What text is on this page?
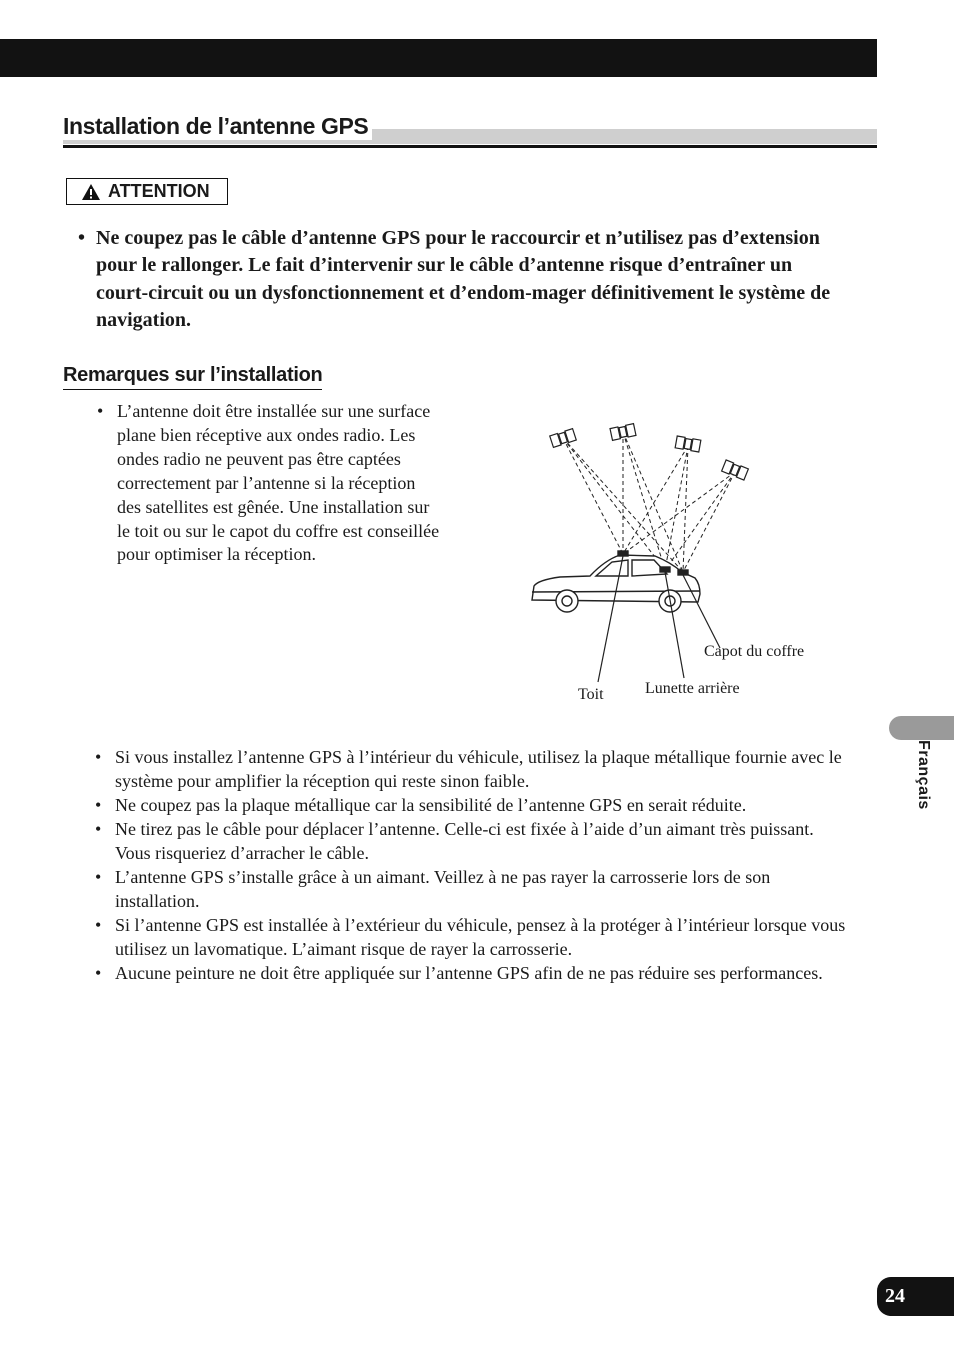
Installation de l’antenne GPS
ATTENTION
• Ne coupez pas le câble d’antenne GPS pour le raccourcir et n’utilisez pas d’extension pour le rallonger. Le fait d’intervenir sur le câble d’antenne risque d’entraîner un court-circuit ou un dysfonctionnement et d’endom-mager définitivement le système de navigation.
Remarques sur l’installation
• L’antenne doit être installée sur une surface plane bien réceptive aux ondes radio. Les ondes radio ne peuvent pas être captées correctement par l’antenne si la réception des satellites est gênée. Une installation sur le toit ou sur le capot du coffre est conseillée pour optimiser la réception.
Capot du coffre
Lunette arrière
Toit
• Si vous installez l’antenne GPS à l’intérieur du véhicule, utilisez la plaque métallique fournie avec le système pour amplifier la réception qui reste sinon faible.
• Ne coupez pas la plaque métallique car la sensibilité de l’antenne GPS en serait réduite.
• Ne tirez pas le câble pour déplacer l’antenne. Celle-ci est fixée à l’aide d’un aimant très puissant. Vous risqueriez d’arracher le câble.
• L’antenne GPS s’installe grâce à un aimant. Veillez à ne pas rayer la carrosserie lors de son installation.
• Si l’antenne GPS est installée à l’extérieur du véhicule, pensez à la protéger à l’intérieur lorsque vous utilisez un lavomatique. L’aimant risque de rayer la carrosserie.
• Aucune peinture ne doit être appliquée sur l’antenne GPS afin de ne pas réduire ses performances.
Français
24
